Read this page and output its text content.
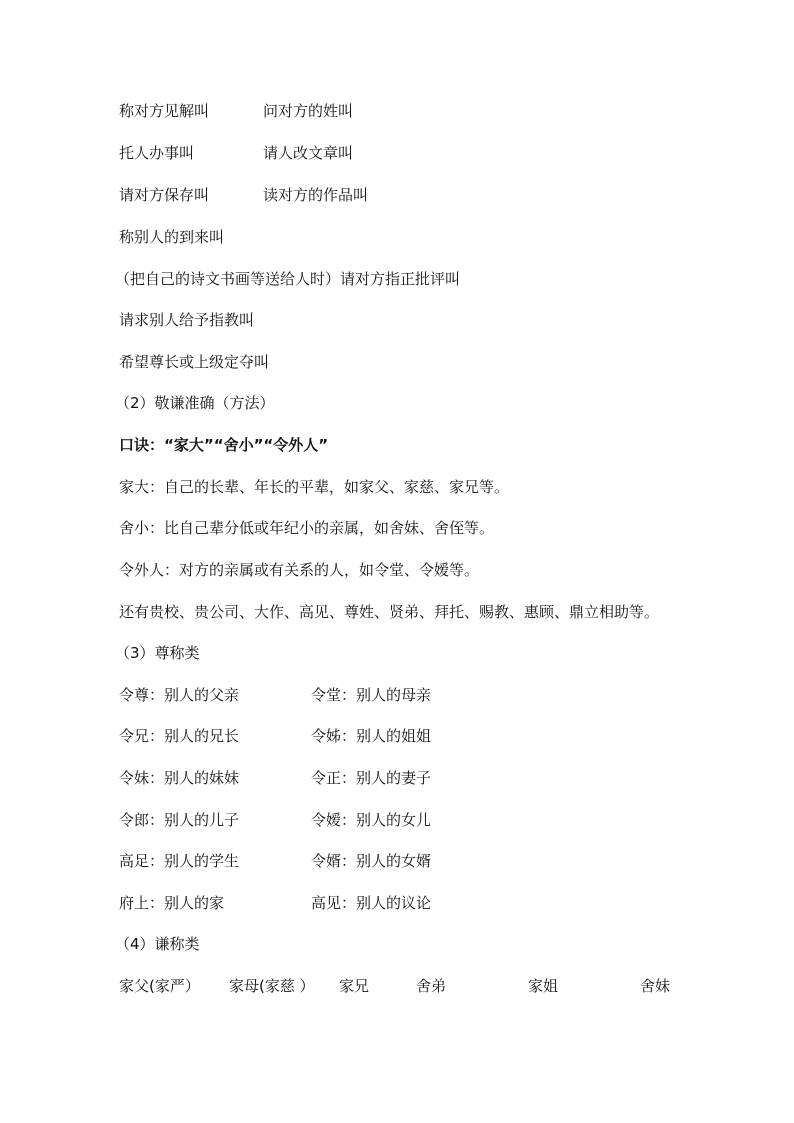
称对方见解叫	问对方的姓叫
托人办事叫	请人改文章叫
请对方保存叫	读对方的作品叫
称别人的到来叫
（把自己的诗文书画等送给人时）请对方指正批评叫
请求别人给予指教叫
希望尊长或上级定夺叫
（2）敬谦准确（方法）
口诀：“家大”“舍小”“令外人”
家大：自己的长辈、年长的平辈，如家父、家慈、家兄等。
舍小：比自己辈分低或年纪小的亲属，如舍妹、舍侄等。
令外人：对方的亲属或有关系的人，如令堂、令嫒等。
还有贵校、贵公司、大作、高见、尊姓、贤弟、拜托、赐教、惠顾、鼎立相助等。
（3）尊称类
令尊：别人的父亲	令堂：别人的母亲
令兄：别人的兄长	令姊：别人的姐姐
令妹：别人的妹妹	令正：别人的妻子
令郎：别人的儿子	令嫒：别人的女儿
高足：别人的学生	令婿：别人的女婿
府上：别人的家	高见：别人的议论
（4）谦称类
家父(家严） 家母(家慈 ） 家兄	舍弟	家姐	舍妹
